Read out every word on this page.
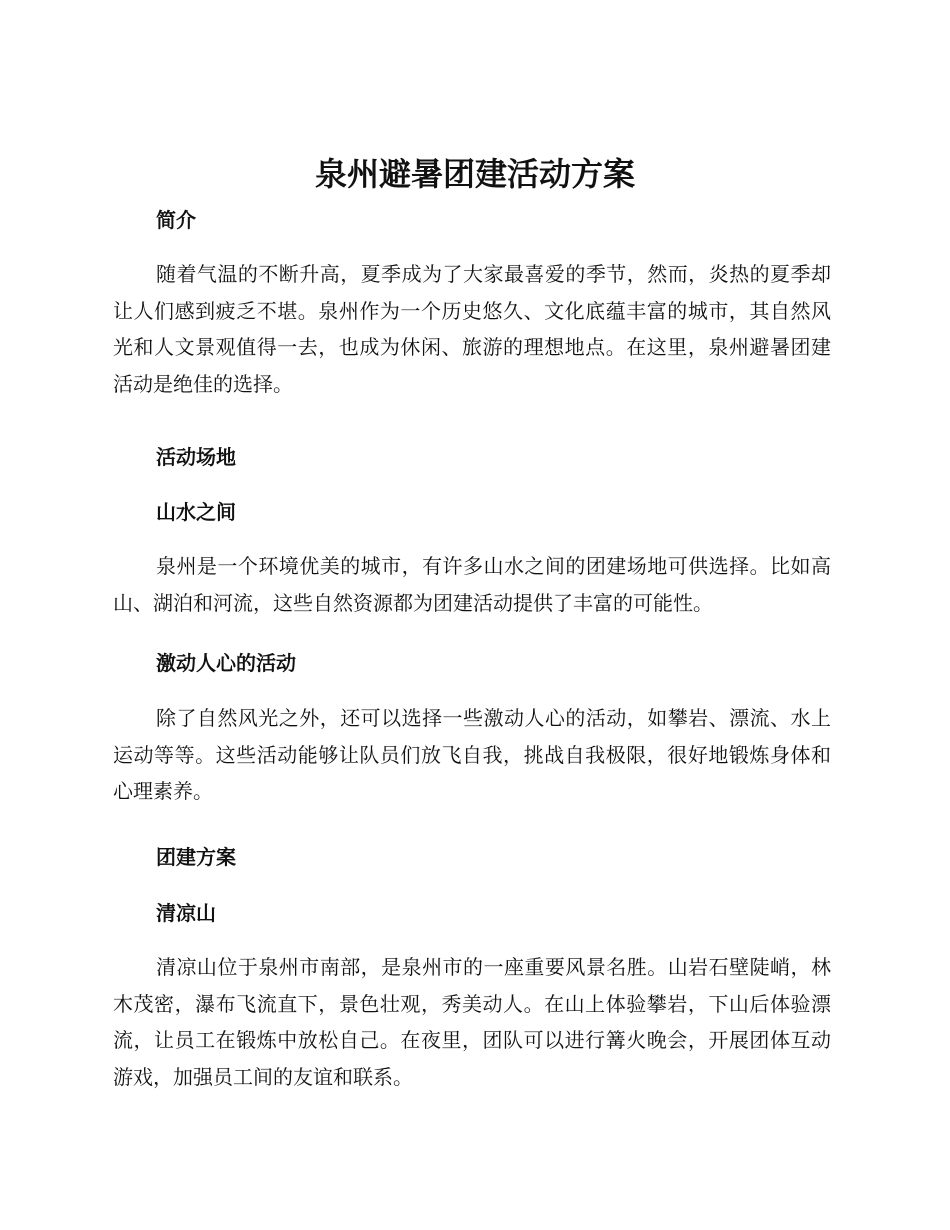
泉州避暑团建活动方案
简介

随着气温的不断升高，夏季成为了大家最喜爱的季节，然而，炎热的夏季却让人们感到疲乏不堪。泉州作为一个历史悠久、文化底蕴丰富的城市，其自然风光和人文景观值得一去，也成为休闲、旅游的理想地点。在这里，泉州避暑团建活动是绝佳的选择。

活动场地
山水之间

泉州是一个环境优美的城市，有许多山水之间的团建场地可供选择。比如高山、湖泊和河流，这些自然资源都为团建活动提供了丰富的可能性。

激动人心的活动

除了自然风光之外，还可以选择一些激动人心的活动，如攀岩、漂流、水上运动等等。这些活动能够让队员们放飞自我，挑战自我极限，很好地锻炼身体和心理素养。

团建方案
清凉山

清凉山位于泉州市南部，是泉州市的一座重要风景名胜。山岩石壁陡峭，林木茂密，瀑布飞流直下，景色壮观，秀美动人。在山上体验攀岩，下山后体验漂流，让员工在锻炼中放松自己。在夜里，团队可以进行篝火晚会，开展团体互动游戏，加强员工间的友谊和联系。
